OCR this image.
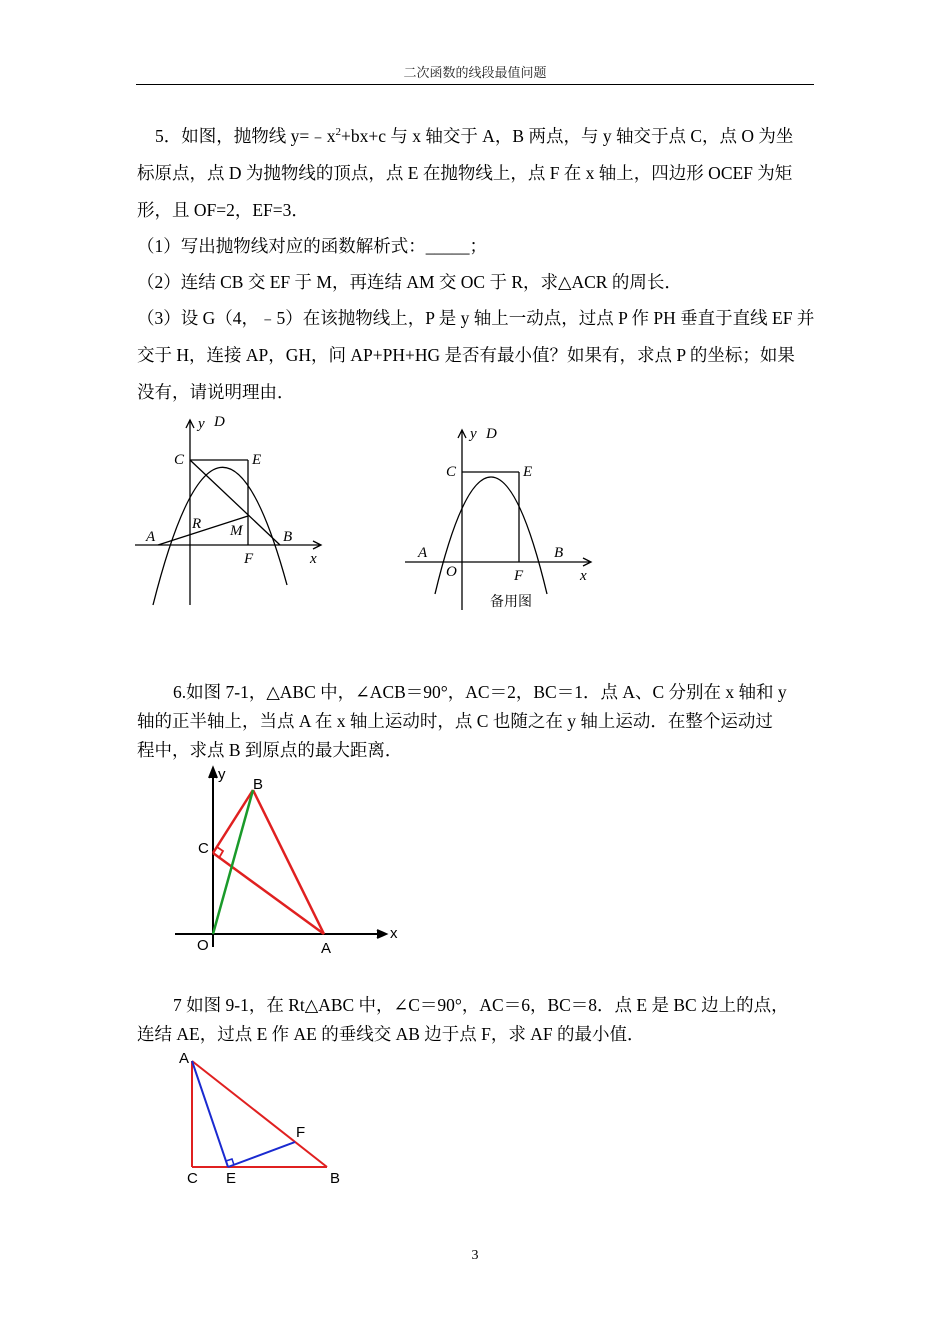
二次函数的线段最值问题

5．如图，抛物线 $y=﹣x^2+bx+c$ 与 x 轴交于 A，B 两点，与 y 轴交于点 C，点 O 为坐

标原点，点 D 为抛物线的顶点，点 E 在抛物线上，点 F 在 x 轴上，四边形 OCEF 为矩

形，且 OF=2，EF=3．

（1）写出抛物线对应的函数解析式：_____；

（2）连结 CB 交 EF 于 M，再连结 AM 交 OC 于 R，求△ACR 的周长．

（3）设 G（4，﹣5）在该抛物线上，P 是 y 轴上一动点，过点 P 作 PH 垂直于直线 EF 并

交于 H，连接 AP，GH，问 AP+PH+HG 是否有最小值？如果有，求点 P 的坐标；如果

没有，请说明理由．

y D
C	E
R M
A	B
F	x
y D
C	E
A
O
B
F	x
备用图

6.如图 7-1，△ABC 中，∠ACB＝90°，AC＝2，BC＝1．点 A、C 分别在 x 轴和 y

轴的正半轴上，当点 A 在 x 轴上运动时，点 C 也随之在 y 轴上运动．在整个运动过

程中，求点 B 到原点的最大距离．

y
B
C
O	A
x

7 如图 9-1，在 Rt△ABC 中，∠C＝90°，AC＝6，BC＝8．点 E 是 BC 边上的点，

连结 AE，过点 E 作 AE 的垂线交 AB 边于点 F，求 AF 的最小值．

A
F
C E	B
3
